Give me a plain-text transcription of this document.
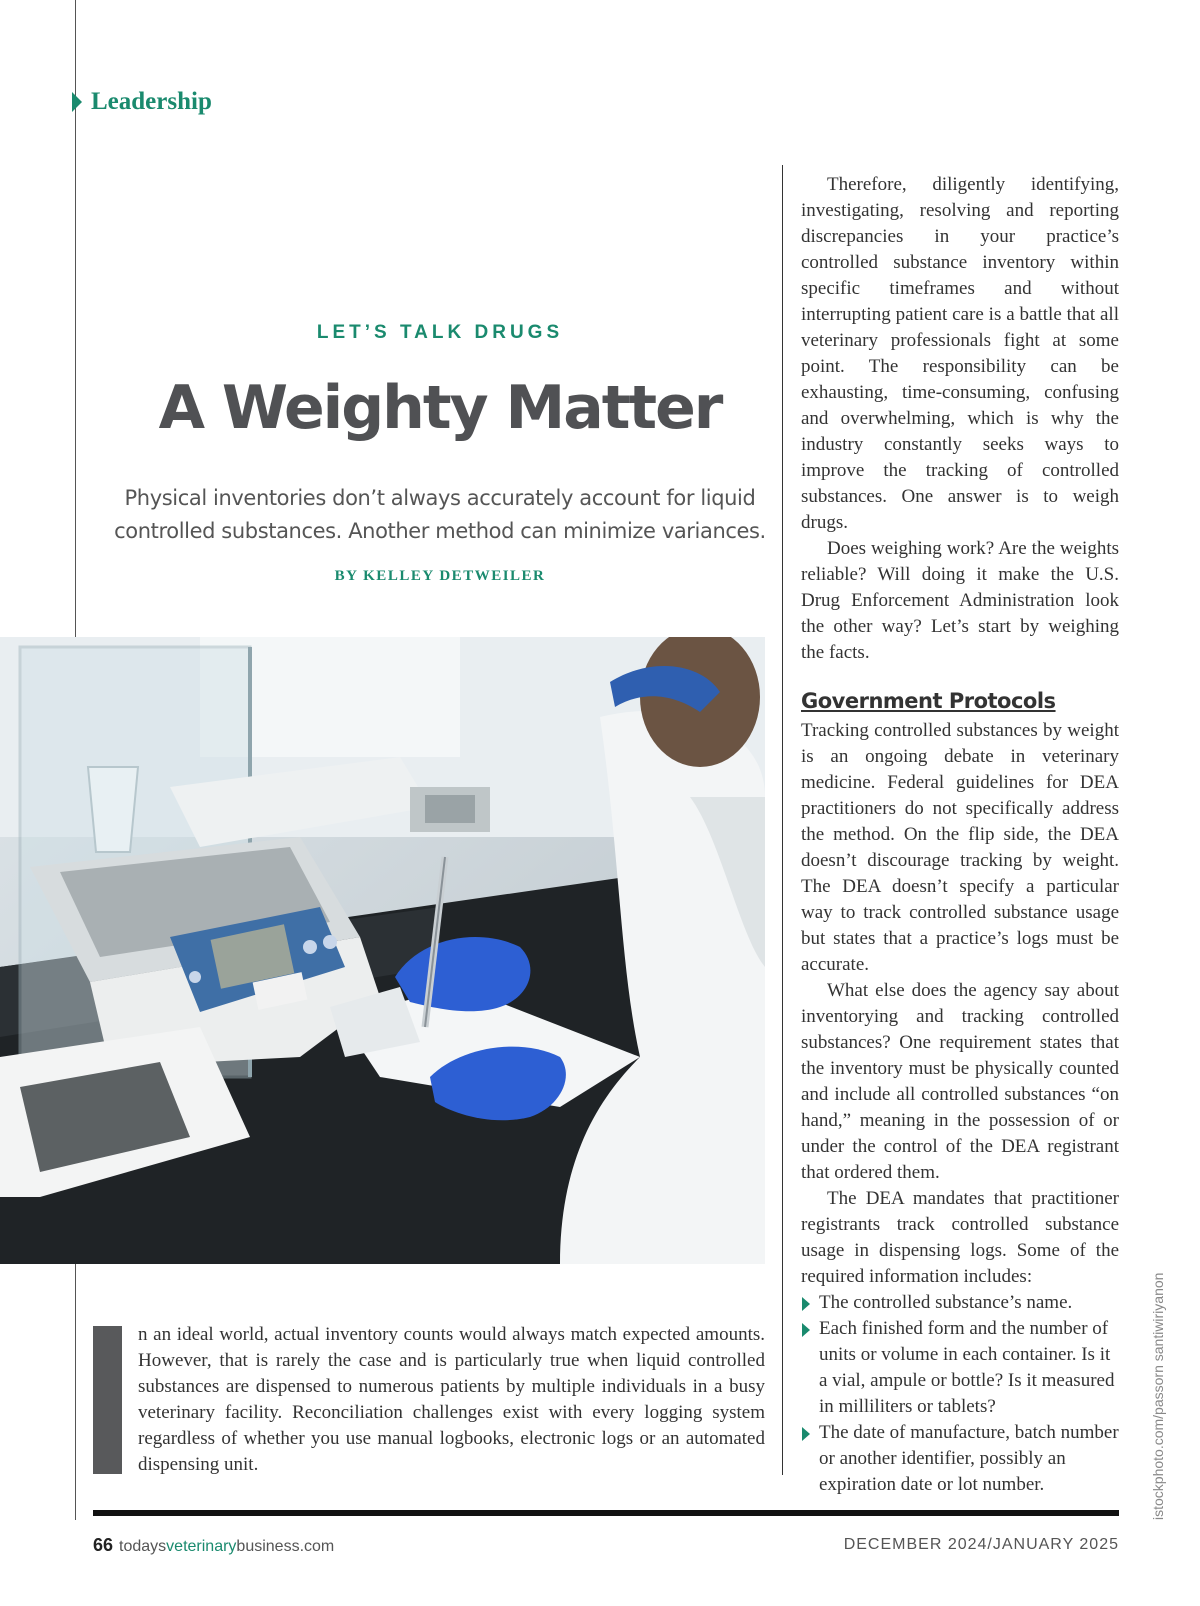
Leadership
LET’S TALK DRUGS
A Weighty Matter
Physical inventories don’t always accurately account for liquid
controlled substances. Another method can minimize variances.
BY KELLEY DETWEILER

Therefore, diligently identifying, investigating, resolving and reporting discrepancies in your practice’s controlled substance inventory within specific timeframes and without interrupting patient care is a battle that all veterinary professionals fight at some point. The responsibility can be exhausting, time-consuming, confusing and overwhelming, which is why the industry constantly seeks ways to improve the tracking of controlled substances. One answer is to weigh drugs.

Does weighing work? Are the weights reliable? Will doing it make the U.S. Drug Enforcement Administration look the other way? Let’s start by weighing the facts.

Government Protocols

Tracking controlled substances by weight is an ongoing debate in veterinary medicine. Federal guidelines for DEA practitioners do not specifically address the method. On the flip side, the DEA doesn’t discourage tracking by weight. The DEA doesn’t specify a particular way to track controlled substance usage but states that a practice’s logs must be accurate.

What else does the agency say about inventorying and tracking controlled substances? One requirement states that the inventory must be physically counted and include all controlled substances “on hand,” meaning in the possession of or under the control of the DEA registrant that ordered them.

The DEA mandates that practitioner registrants track controlled substance usage in dispensing logs. Some of the required information includes:

The controlled substance’s name.
Each finished form and the number of units or volume in each container. Is it a vial, ampule or bottle? Is it measured in milliliters or tablets?
The date of manufacture, batch number or another identifier, possibly an expiration date or lot number.

n an ideal world, actual inventory counts would always match expected amounts. However, that is rarely the case and is particularly true when liquid controlled substances are dispensed to numerous patients by multiple individuals in a busy veterinary facility. Reconciliation challenges exist with every logging system regardless of whether you use manual logbooks, electronic logs or an automated dispensing unit.	istockphoto.com/passorn santiwiriyanon
66 todaysveterinarybusiness.com	DECEMBER 2024/JANUARY 2025
